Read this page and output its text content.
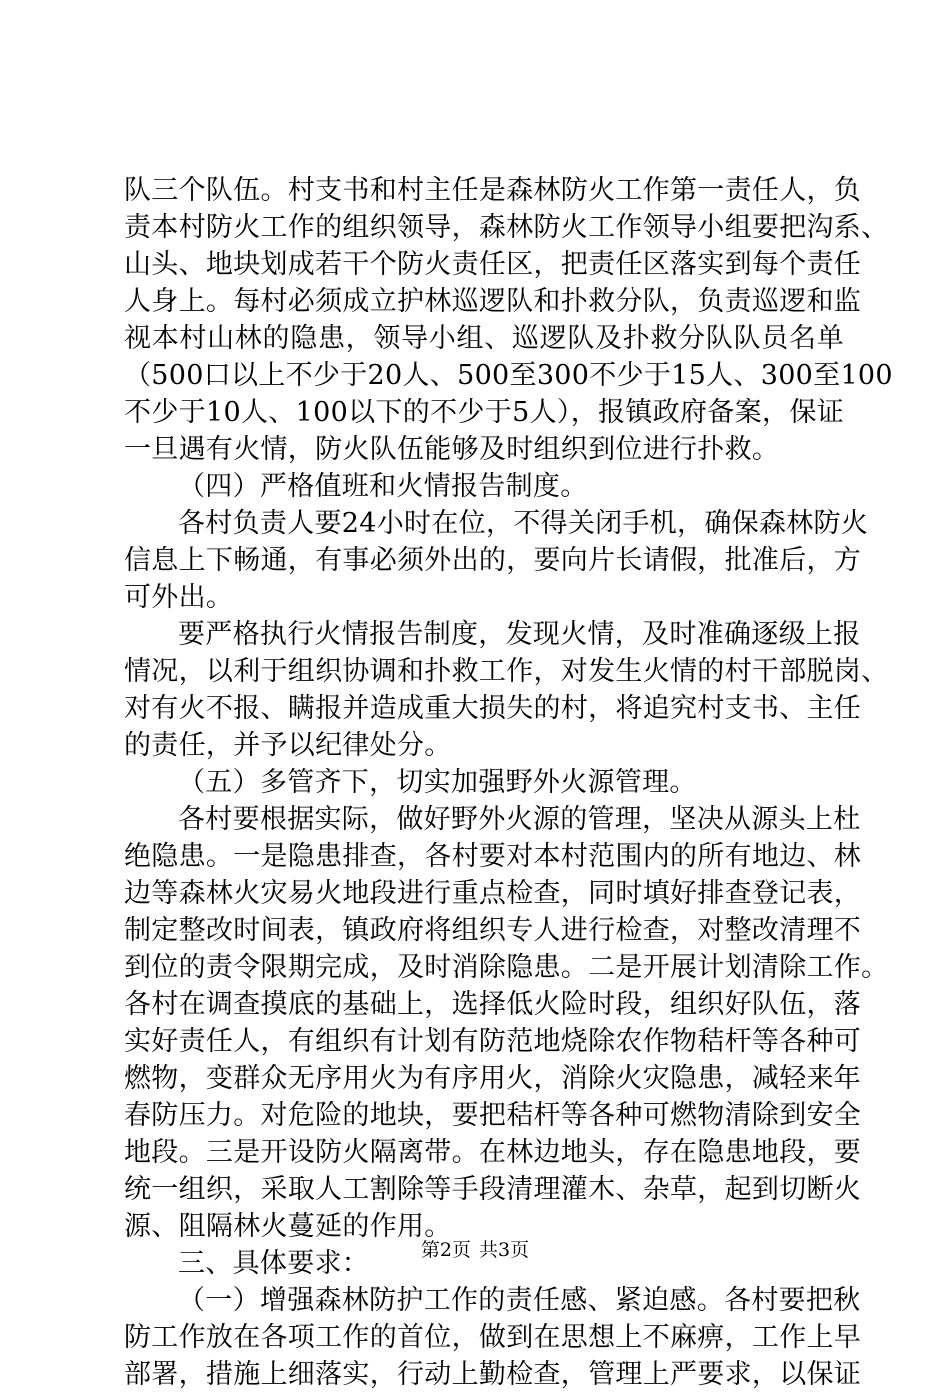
队三个队伍。村支书和村主任是森林防火工作第一责任人，负
责本村防火工作的组织领导，森林防火工作领导小组要把沟系、
山头、地块划成若干个防火责任区，把责任区落实到每个责任
人身上。每村必须成立护林巡逻队和扑救分队，负责巡逻和监
视本村山林的隐患，领导小组、巡逻队及扑救分队队员名单
（500口以上不少于20人、500至300不少于15人、300至100
不少于10人、100以下的不少于5人），报镇政府备案，保证
一旦遇有火情，防火队伍能够及时组织到位进行扑救。
（四）严格值班和火情报告制度。
各村负责人要24小时在位，不得关闭手机，确保森林防火
信息上下畅通，有事必须外出的，要向片长请假，批准后，方
可外出。
要严格执行火情报告制度，发现火情，及时准确逐级上报
情况，以利于组织协调和扑救工作，对发生火情的村干部脱岗、
对有火不报、瞒报并造成重大损失的村，将追究村支书、主任
的责任，并予以纪律处分。
（五）多管齐下，切实加强野外火源管理。
各村要根据实际，做好野外火源的管理，坚决从源头上杜
绝隐患。一是隐患排查，各村要对本村范围内的所有地边、林
边等森林火灾易火地段进行重点检查，同时填好排查登记表，
制定整改时间表，镇政府将组织专人进行检查，对整改清理不
到位的责令限期完成，及时消除隐患。二是开展计划清除工作。
各村在调查摸底的基础上，选择低火险时段，组织好队伍，落
实好责任人，有组织有计划有防范地烧除农作物秸杆等各种可
燃物，变群众无序用火为有序用火，消除火灾隐患，减轻来年
春防压力。对危险的地块，要把秸杆等各种可燃物清除到安全
地段。三是开设防火隔离带。在林边地头，存在隐患地段，要
统一组织，采取人工割除等手段清理灌木、杂草，起到切断火
源、阻隔林火蔓延的作用。
三、具体要求：
（一）增强森林防护工作的责任感、紧迫感。各村要把秋
防工作放在各项工作的首位，做到在思想上不麻痹，工作上早
部署，措施上细落实，行动上勤检查，管理上严要求，以保证
第2页 共3页
